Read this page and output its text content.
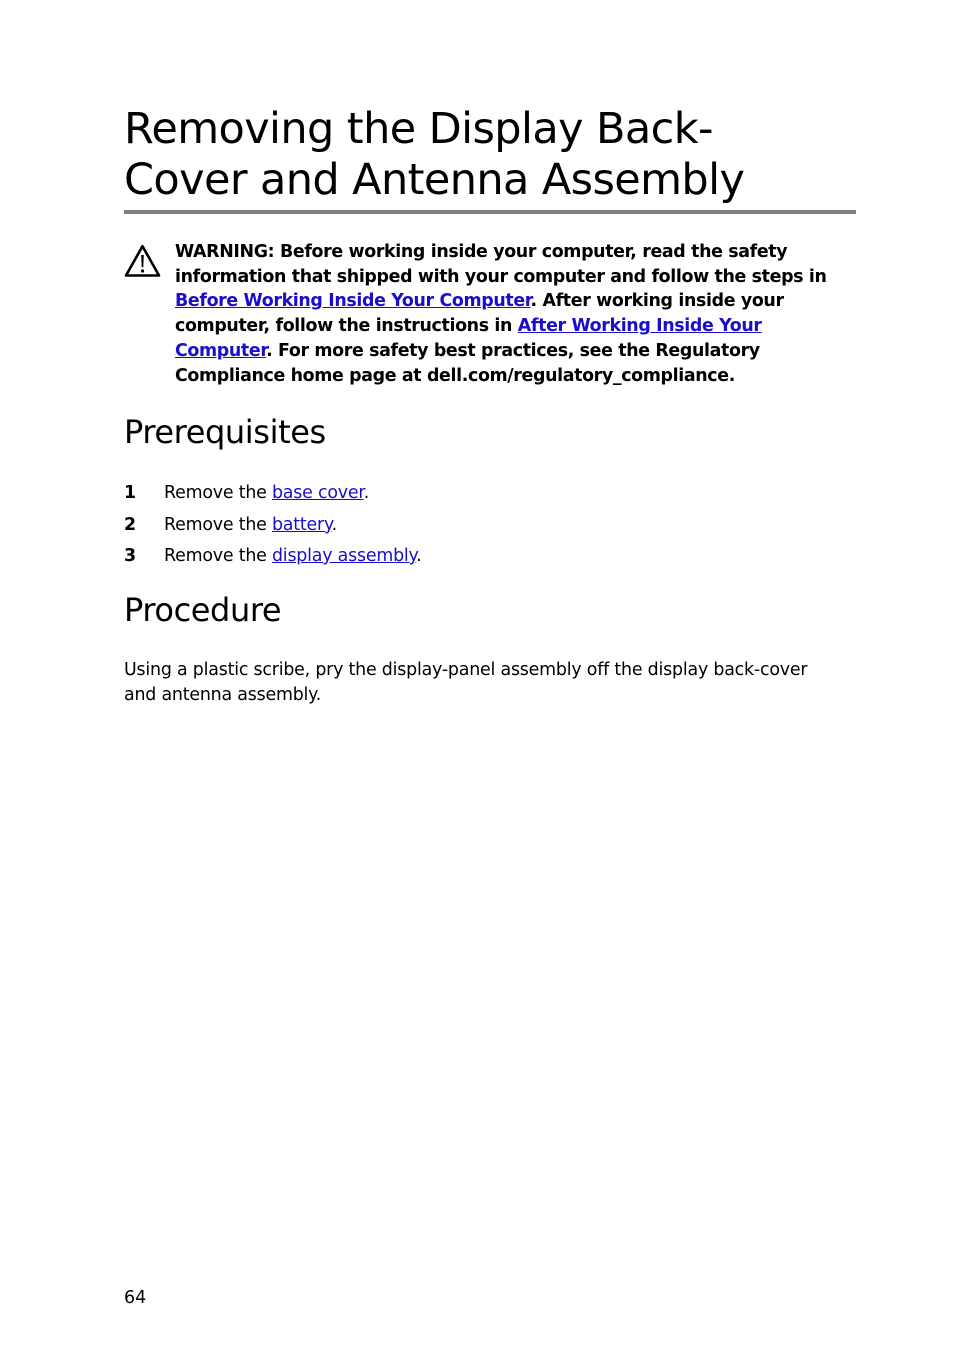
Removing the Display Back-
Cover and Antenna Assembly
WARNING: Before working inside your computer, read the safety information that shipped with your computer and follow the steps in Before Working Inside Your Computer. After working inside your computer, follow the instructions in After Working Inside Your Computer. For more safety best practices, see the Regulatory Compliance home page at dell.com/regulatory_compliance.
Prerequisites
1 Remove the base cover.
2 Remove the battery.
3 Remove the display assembly.
Procedure

Using a plastic scribe, pry the display-panel assembly off the display back-cover and antenna assembly.

64
